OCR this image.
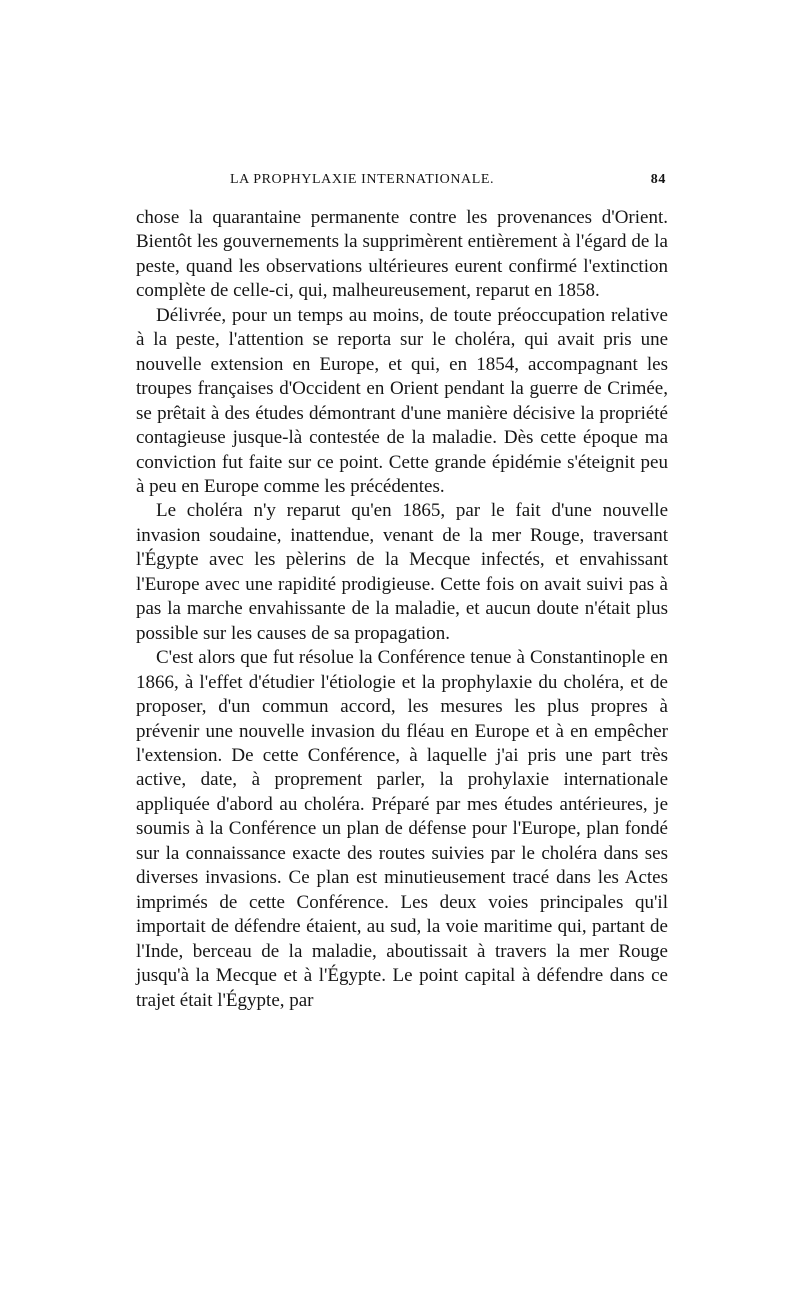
LA PROPHYLAXIE INTERNATIONALE.	84

chose la quarantaine permanente contre les provenances d'Orient. Bientôt les gouvernements la supprimèrent entièrement à l'égard de la peste, quand les observations ultérieures eurent confirmé l'extinction complète de celle-ci, qui, malheureusement, reparut en 1858.

Délivrée, pour un temps au moins, de toute préoccupation relative à la peste, l'attention se reporta sur le choléra, qui avait pris une nouvelle extension en Europe, et qui, en 1854, accompagnant les troupes françaises d'Occident en Orient pendant la guerre de Crimée, se prêtait à des études démontrant d'une manière décisive la propriété contagieuse jusque-là contestée de la maladie. Dès cette époque ma conviction fut faite sur ce point. Cette grande épidémie s'éteignit peu à peu en Europe comme les précédentes.

Le choléra n'y reparut qu'en 1865, par le fait d'une nouvelle invasion soudaine, inattendue, venant de la mer Rouge, traversant l'Égypte avec les pèlerins de la Mecque infectés, et envahissant l'Europe avec une rapidité prodigieuse. Cette fois on avait suivi pas à pas la marche envahissante de la maladie, et aucun doute n'était plus possible sur les causes de sa propagation.

C'est alors que fut résolue la Conférence tenue à Constantinople en 1866, à l'effet d'étudier l'étiologie et la prophylaxie du choléra, et de proposer, d'un commun accord, les mesures les plus propres à prévenir une nouvelle invasion du fléau en Europe et à en empêcher l'extension. De cette Conférence, à laquelle j'ai pris une part très active, date, à proprement parler, la prohylaxie internationale appliquée d'abord au choléra. Préparé par mes études antérieures, je soumis à la Conférence un plan de défense pour l'Europe, plan fondé sur la connaissance exacte des routes suivies par le choléra dans ses diverses invasions. Ce plan est minutieusement tracé dans les Actes imprimés de cette Conférence. Les deux voies principales qu'il importait de défendre étaient, au sud, la voie maritime qui, partant de l'Inde, berceau de la maladie, aboutissait à travers la mer Rouge jusqu'à la Mecque et à l'Égypte. Le point capital à défendre dans ce trajet était l'Égypte, par
